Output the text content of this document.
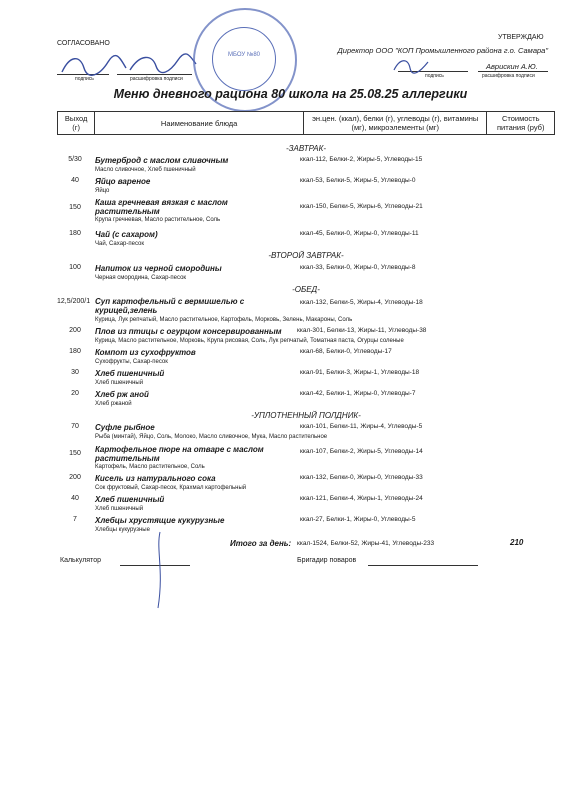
СОГЛАСОВАНО
УТВЕРЖДАЮ
Директор ООО "КОП Промышленного района г.о. Самара"
Аврискин А.Ю.
подпись	расшифровка подписи	подпись	расшифровка подписи
МБОУ №80
Меню дневного рациона 80 школа на 25.08.25 аллергики
Выход (г)	Наименование блюда	эн.цен. (ккал), белки (г), углеводы (г), витамины (мг), микроэлементы (мг)	Стоимость питания (руб)
-ЗАВТРАК-
5/30	Бутерброд с маслом сливочным
Масло сливочное, Хлеб пшеничный
ккал-112, Белки-2, Жиры-5, Углеводы-15
40	Яйцо вареное
Яйцо
ккал-53, Белки-5, Жиры-5, Углеводы-0
150
Каша гречневая вязкая с маслом растительным
Крупа гречневая, Масло растительное, Соль
ккал-150, Белки-5, Жиры-6, Углеводы-21
180	Чай (с сахаром)
Чай, Сахар-песок
ккал-45, Белки-0, Жиры-0, Углеводы-11
-ВТОРОЙ ЗАВТРАК-
100	Напиток из черной смородины
Черная смородина, Сахар-песок
ккал-33, Белки-0, Жиры-0, Углеводы-8
-ОБЕД-
12,5/200/1 Суп картофельный с вермишелью с курицей,зелень
Курица, Лук репчатый, Масло растительное, Картофель, Морковь, Зелень, Макароны, Соль
ккал-132, Белки-5, Жиры-4, Углеводы-18
200	Плов из птицы с огурцом консервированным
Курица, Масло растительное, Морковь, Крупа рисовая, Соль, Лук репчатый, Томатная паста, Огурцы соленые
ккал-301, Белки-13, Жиры-11, Углеводы-38
180	Компот из сухофруктов
Сухофрукты, Сахар-песок
ккал-68, Белки-0, Углеводы-17
30	Хлеб пшеничный
Хлеб пшеничный
ккал-91, Белки-3, Жиры-1, Углеводы-18
20	Хлеб рж аной
Хлеб ржаной
ккал-42, Белки-1, Жиры-0, Углеводы-7
-УПЛОТНЕННЫЙ ПОЛДНИК-
70	Суфле рыбное
Рыба (минтай), Яйцо, Соль, Молоко, Масло сливочное, Мука, Масло растительное
ккал-101, Белки-11, Жиры-4, Углеводы-5
150	Картофельное пюре на отваре с маслом растительным
Картофель, Масло растительное, Соль
ккал-107, Белки-2, Жиры-5, Углеводы-14
200	Кисель из натурального сока
Сок фруктовый, Сахар-песок, Крахмал картофельный
ккал-132, Белки-0, Жиры-0, Углеводы-33
40	Хлеб пшеничный
Хлеб пшеничный
ккал-121, Белки-4, Жиры-1, Углеводы-24
7	Хлебцы хрустящие кукурузные
Хлебцы кукурузные
ккал-27, Белки-1, Жиры-0, Углеводы-5
Итого за день: ккал-1524, Белки-52, Жиры-41, Углеводы-233	210
Калькулятор	Бригадир поваров
